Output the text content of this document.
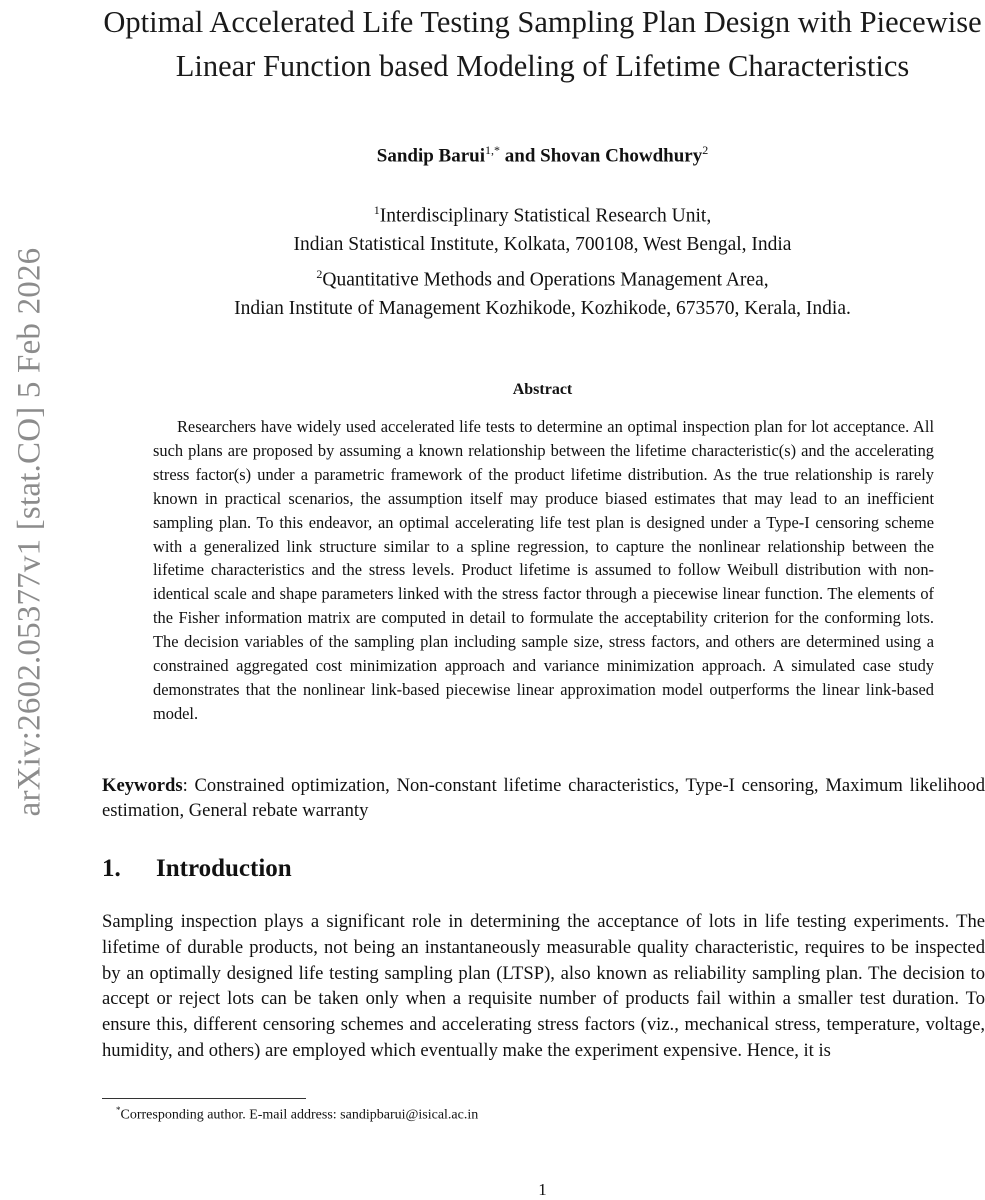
arXiv:2602.05377v1 [stat.CO] 5 Feb 2026
Optimal Accelerated Life Testing Sampling Plan Design with Piecewise Linear Function based Modeling of Lifetime Characteristics
Sandip Barui$^{1,*}$ and Shovan Chowdhury$^2$
$^1$Interdisciplinary Statistical Research Unit,
Indian Statistical Institute, Kolkata, 700108, West Bengal, India
$^2$Quantitative Methods and Operations Management Area,
Indian Institute of Management Kozhikode, Kozhikode, 673570, Kerala, India.
Abstract

Researchers have widely used accelerated life tests to determine an optimal inspection plan for lot acceptance. All such plans are proposed by assuming a known relationship between the lifetime characteristic(s) and the accelerating stress factor(s) under a parametric framework of the product lifetime distribution. As the true relationship is rarely known in practical scenarios, the assumption itself may produce biased estimates that may lead to an inefficient sampling plan. To this endeavor, an optimal accelerating life test plan is designed under a Type-I censoring scheme with a generalized link structure similar to a spline regression, to capture the nonlinear relationship between the lifetime characteristics and the stress levels. Product lifetime is assumed to follow Weibull distribution with non-identical scale and shape parameters linked with the stress factor through a piecewise linear function. The elements of the Fisher information matrix are computed in detail to formulate the acceptability criterion for the conforming lots. The decision variables of the sampling plan including sample size, stress factors, and others are determined using a constrained aggregated cost minimization approach and variance minimization approach. A simulated case study demonstrates that the nonlinear link-based piecewise linear approximation model outperforms the linear link-based model.

Keywords: Constrained optimization, Non-constant lifetime characteristics, Type-I censoring, Maximum likelihood estimation, General rebate warranty

1. Introduction

Sampling inspection plays a significant role in determining the acceptance of lots in life testing experiments. The lifetime of durable products, not being an instantaneously measurable quality characteristic, requires to be inspected by an optimally designed life testing sampling plan (LTSP), also known as reliability sampling plan. The decision to accept or reject lots can be taken only when a requisite number of products fail within a smaller test duration. To ensure this, different censoring schemes and accelerating stress factors (viz., mechanical stress, temperature, voltage, humidity, and others) are employed which eventually make the experiment expensive. Hence, it is

*Corresponding author. E-mail address: sandipbarui@isical.ac.in

1
